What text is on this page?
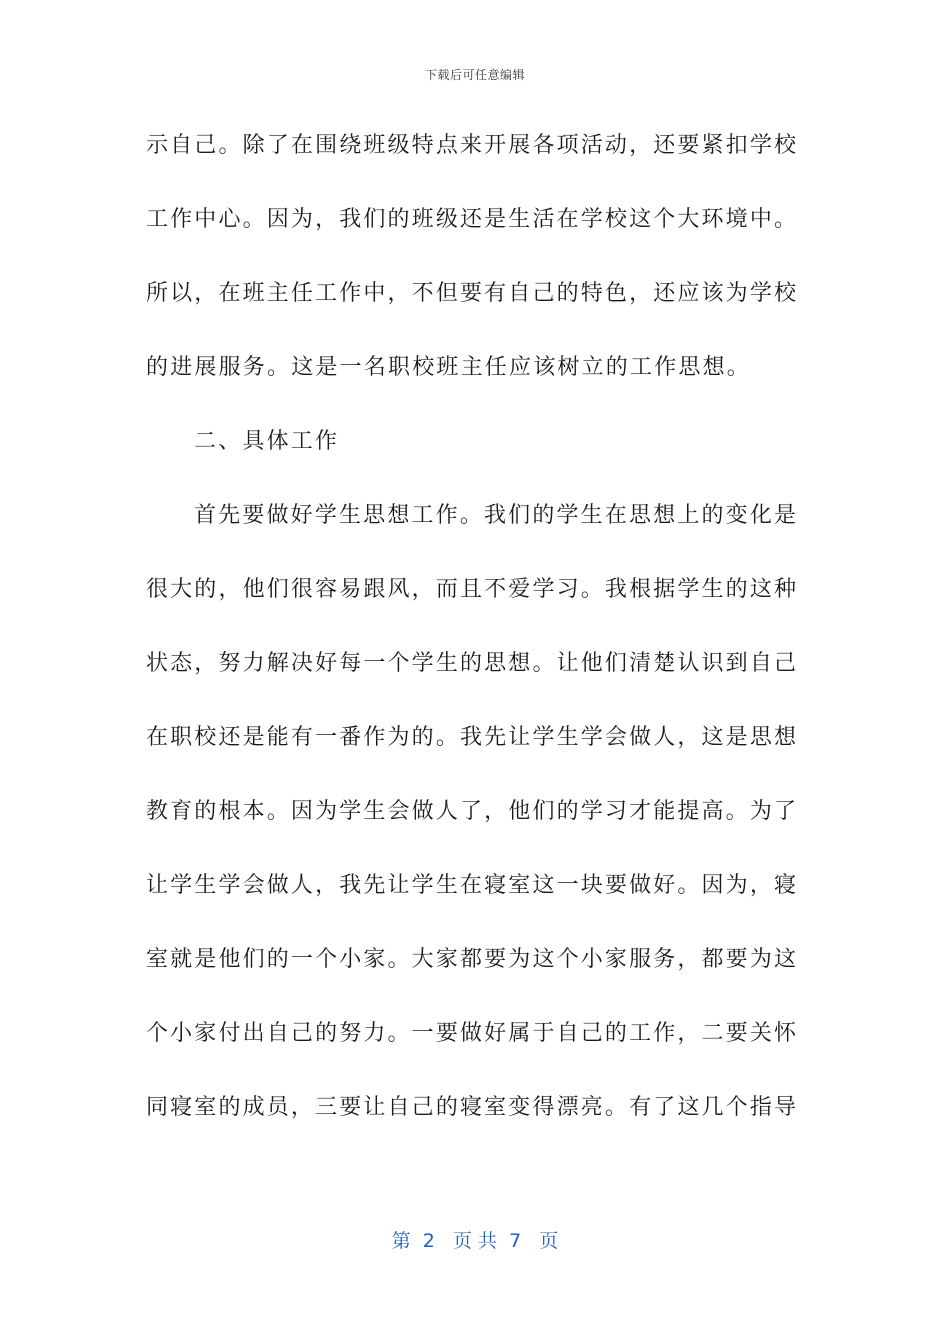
下载后可任意编辑
示自己。除了在围绕班级特点来开展各项活动，还要紧扣学校
工作中心。因为，我们的班级还是生活在学校这个大环境中。
所以，在班主任工作中，不但要有自己的特色，还应该为学校
的进展服务。这是一名职校班主任应该树立的工作思想。
二、具体工作
首先要做好学生思想工作。我们的学生在思想上的变化是
很大的，他们很容易跟风，而且不爱学习。我根据学生的这种
状态，努力解决好每一个学生的思想。让他们清楚认识到自己
在职校还是能有一番作为的。我先让学生学会做人，这是思想
教育的根本。因为学生会做人了，他们的学习才能提高。为了
让学生学会做人，我先让学生在寝室这一块要做好。因为，寝
室就是他们的一个小家。大家都要为这个小家服务，都要为这
个小家付出自己的努力。一要做好属于自己的工作，二要关怀
同寝室的成员，三要让自己的寝室变得漂亮。有了这几个指导
第  2   页 共  7   页
